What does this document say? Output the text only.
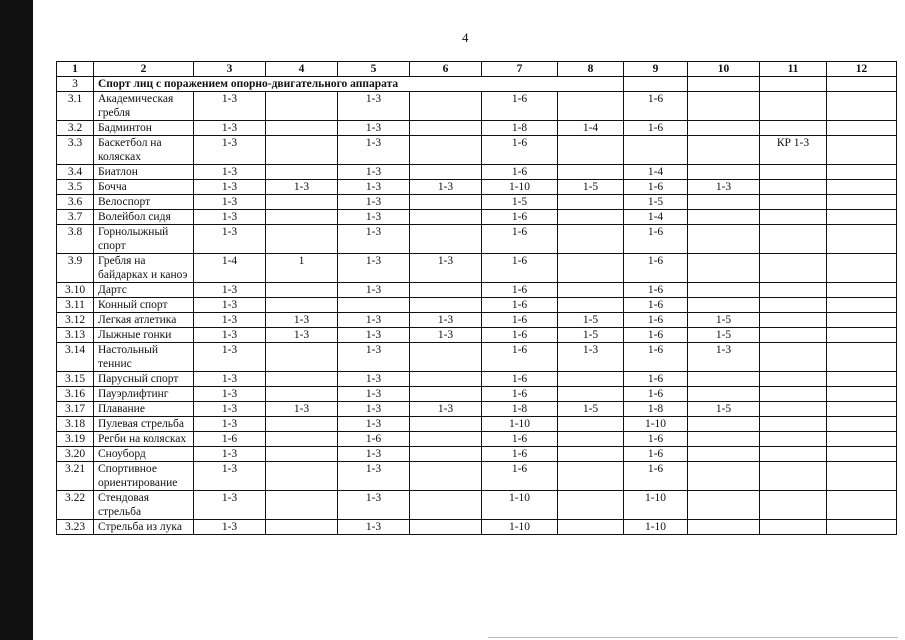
4
1	2	3	4	5	6	7	8	9	10	11	12
3	Спорт лиц с поражением опорно-двигательного аппарата										
3.1	Академическая гребля	1-3		1-3		1-6		1-6			
3.2	Бадминтон	1-3		1-3		1-8	1-4	1-6			
3.3	Баскетбол на колясках	1-3		1-3		1-6				КР 1-3	
3.4	Биатлон	1-3		1-3		1-6		1-4			
3.5	Бочча	1-3	1-3	1-3	1-3	1-10	1-5	1-6	1-3		
3.6	Велоспорт	1-3		1-3		1-5		1-5			
3.7	Волейбол сидя	1-3		1-3		1-6		1-4			
3.8	Горнолыжный спорт	1-3		1-3		1-6		1-6			
3.9	Гребля на байдарках и каноэ	1-4	1	1-3	1-3	1-6		1-6			
3.10	Дартс	1-3		1-3		1-6		1-6			
3.11	Конный спорт	1-3				1-6		1-6			
3.12	Легкая атлетика	1-3	1-3	1-3	1-3	1-6	1-5	1-6	1-5		
3.13	Лыжные гонки	1-3	1-3	1-3	1-3	1-6	1-5	1-6	1-5		
3.14	Настольный теннис	1-3		1-3		1-6	1-3	1-6	1-3		
3.15	Парусный спорт	1-3		1-3		1-6		1-6			
3.16	Пауэрлифтинг	1-3		1-3		1-6		1-6			
3.17	Плавание	1-3	1-3	1-3	1-3	1-8	1-5	1-8	1-5		
3.18	Пулевая стрельба	1-3		1-3		1-10		1-10			
3.19	Регби на колясках	1-6		1-6		1-6		1-6			
3.20	Сноуборд	1-3		1-3		1-6		1-6			
3.21	Спортивное ориентирование	1-3		1-3		1-6		1-6			
3.22	Стендовая стрельба	1-3		1-3		1-10		1-10			
3.23	Стрельба из лука	1-3		1-3		1-10		1-10			
